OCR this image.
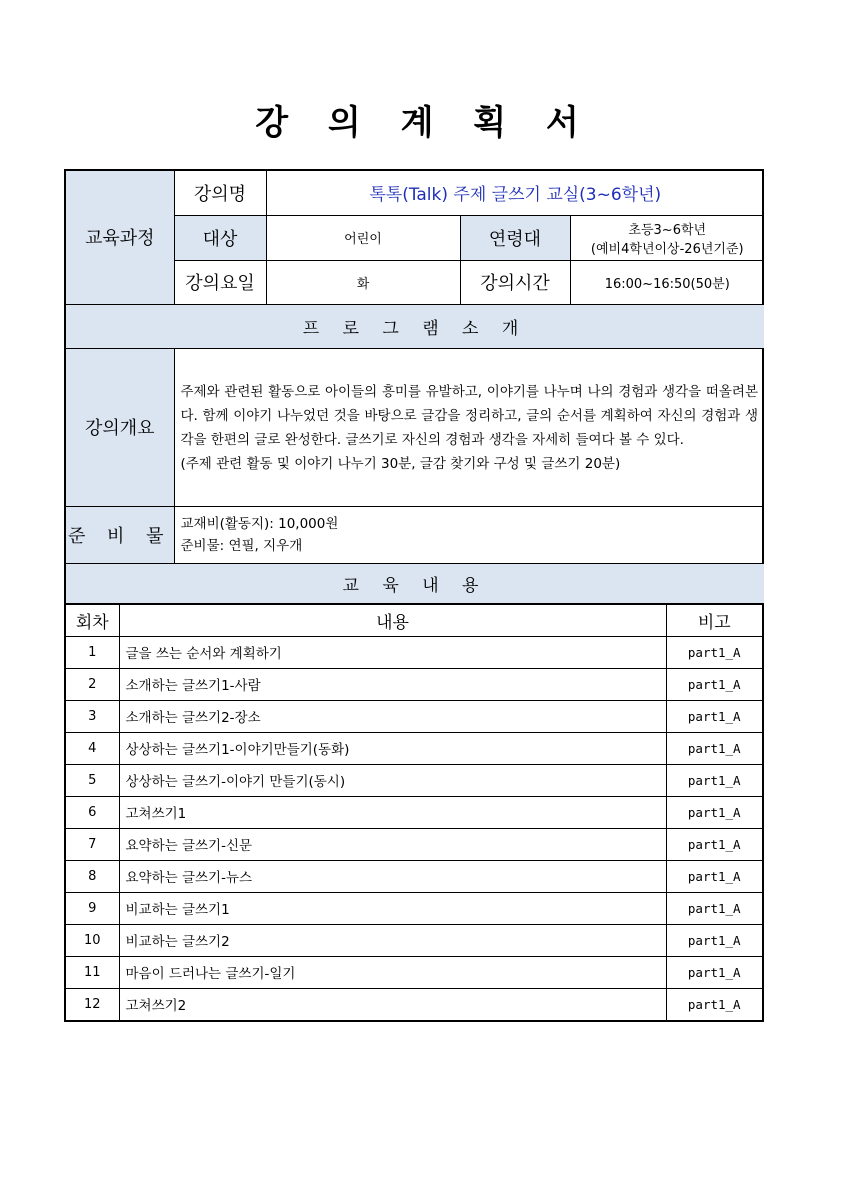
강 의 계 획 서
교육과정	강의명	톡톡(Talk) 주제 글쓰기 교실(3~6학년)		
	대상	어린이	연령대	초등3~6학년
(예비4학년이상-26년기준)

	강의요일	화	강의시간	16:00~16:50(50분)
프 로 그 램 소 개				
강의개요	주제와 관련된 활동으로 아이들의 흥미를 유발하고, 이야기를 나누며 나의 경험과 생각을 떠올려본다. 함께 이야기 나누었던 것을 바탕으로 글감을 정리하고, 글의 순서를 계획하여 자신의 경험과 생각을 한편의 글로 완성한다. 글쓰기로 자신의 경험과 생각을 자세히 들여다 볼 수 있다.
(주제 관련 활동 및 이야기 나누기 30분, 글감 찾기와 구성 및 글쓰기 20분)			

준 비 물	교재비(활동지): 10,000원
준비물: 연필, 지우개			

교 육 내 용				
회차	내용	비고
1	글을 쓰는 순서와 계획하기	part1_A
2	소개하는 글쓰기1-사람	part1_A
3	소개하는 글쓰기2-장소	part1_A
4	상상하는 글쓰기1-이야기만들기(동화)	part1_A
5	상상하는 글쓰기-이야기 만들기(동시)	part1_A
6	고쳐쓰기1	part1_A
7	요약하는 글쓰기-신문	part1_A
8	요약하는 글쓰기-뉴스	part1_A
9	비교하는 글쓰기1	part1_A
10	비교하는 글쓰기2	part1_A
11	마음이 드러나는 글쓰기-일기	part1_A
12	고쳐쓰기2	part1_A
